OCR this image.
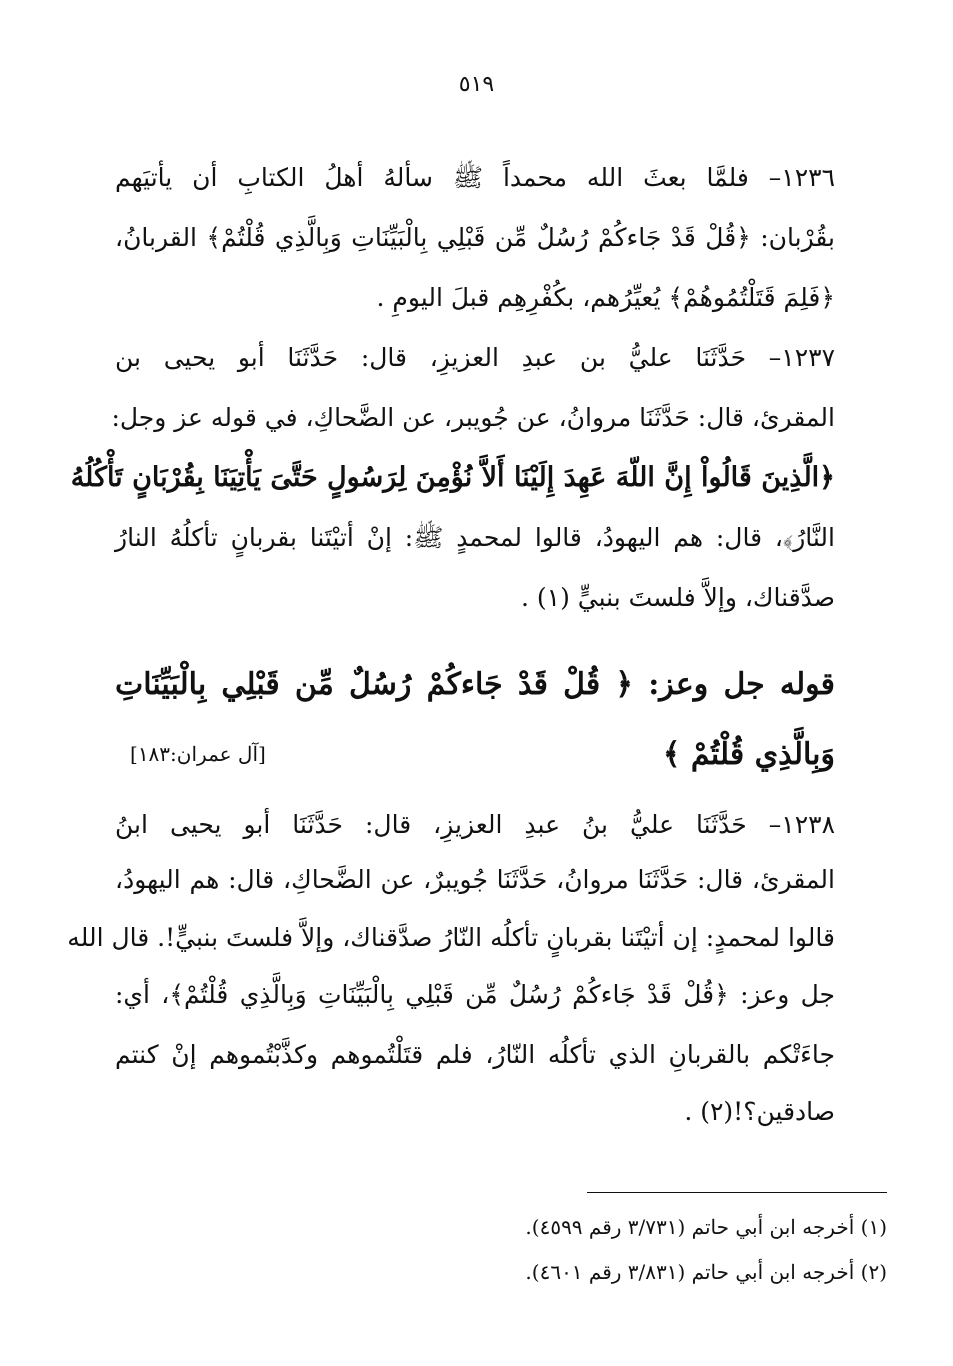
٥١٩
١٢٣٦– فلمَّا بعثَ الله محمداً ﷺ سألهُ أهلُ الكتابِ أن يأتيَهم
بقُرْبان: ﴿قُلْ قَدْ جَاءكُمْ رُسُلٌ مِّن قَبْلِي بِالْبَيِّنَاتِ وَبِالَّذِي قُلْتُمْ﴾ القربانُ،
﴿فَلِمَ قَتَلْتُمُوهُمْ﴾ يُعيِّرُهم، بكُفْرِهِم قبلَ اليومِ .
١٢٣٧– حَدَّثَنَا عليُّ بن عبدِ العزيزِ، قال: حَدَّثَنَا أبو يحيى بن
المقرئ، قال: حَدَّثَنَا مروانُ، عن جُويبر، عن الضَّحاكِ، في قوله عز وجل:
﴿الَّذِينَ قَالُواْ إِنَّ اللّهَ عَهِدَ إِلَيْنَا أَلاَّ نُؤْمِنَ لِرَسُولٍ حَتَّىَ يَأْتِيَنَا بِقُرْبَانٍ تَأْكُلُهُ
النَّارُ﴾، قال: هم اليهودُ، قالوا لمحمدٍ ﷺ: إنْ أتيْتَنا بقربانٍ تأكلُهُ النارُ
صدَّقناك، وإلاَّ فلستَ بنبيٍّ (١) .
قوله جل وعز: ﴿ قُلْ قَدْ جَاءكُمْ رُسُلٌ مِّن قَبْلِي بِالْبَيِّنَاتِ
وَبِالَّذِي قُلْتُمْ ﴾
[آل عمران:١٨٣]
١٢٣٨– حَدَّثَنَا عليُّ بنُ عبدِ العزيزِ، قال: حَدَّثَنَا أبو يحيى ابنُ
المقرئ، قال: حَدَّثَنَا مروانُ، حَدَّثَنَا جُويبرٌ، عن الضَّحاكِ، قال: هم اليهودُ،
قالوا لمحمدٍ: إن أتيْتَنا بقربانٍ تأكلُه النّارُ صدَّقناك، وإلاَّ فلستَ بنبيٍّ!. قال الله
جل وعز: ﴿قُلْ قَدْ جَاءكُمْ رُسُلٌ مِّن قَبْلِي بِالْبَيِّنَاتِ وَبِالَّذِي قُلْتُمْ﴾، أي:
جاءَتْكم بالقربانِ الذي تأكلُه النّارُ، فلم قتَلْتُموهم وكذَّبْتُموهم إنْ كنتم
صادقين؟!(٢) .
(١) أخرجه ابن أبي حاتم (٣/٧٣١ رقم ٤٥٩٩).
(٢) أخرجه ابن أبي حاتم (٣/٨٣١ رقم ٤٦٠١).
